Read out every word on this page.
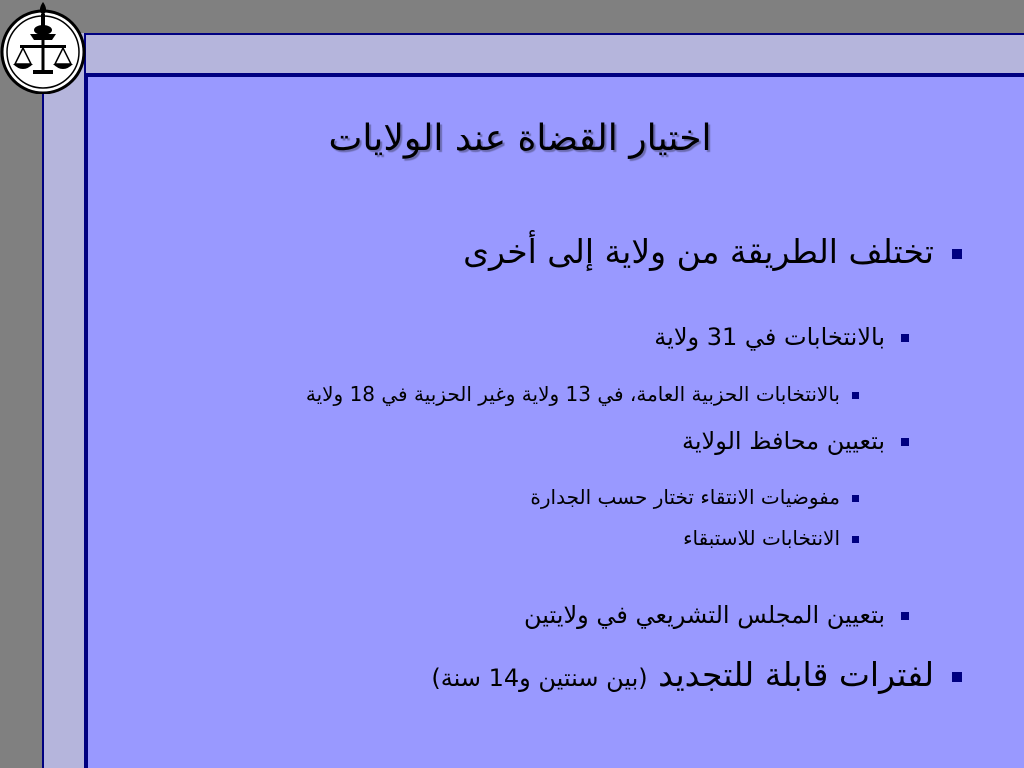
اختيار القضاة عند الولايات
تختلف الطريقة من ولاية إلى أخرى
بالانتخابات في 31 ولاية
بالانتخابات الحزبية العامة، في 13 ولاية وغير الحزبية في 18 ولاية
بتعيين محافظ الولاية
مفوضيات الانتقاء تختار حسب الجدارة
الانتخابات للاستبقاء
بتعيين المجلس التشريعي في ولايتين
لفترات قابلة للتجديد (بين سنتين و14 سنة)
